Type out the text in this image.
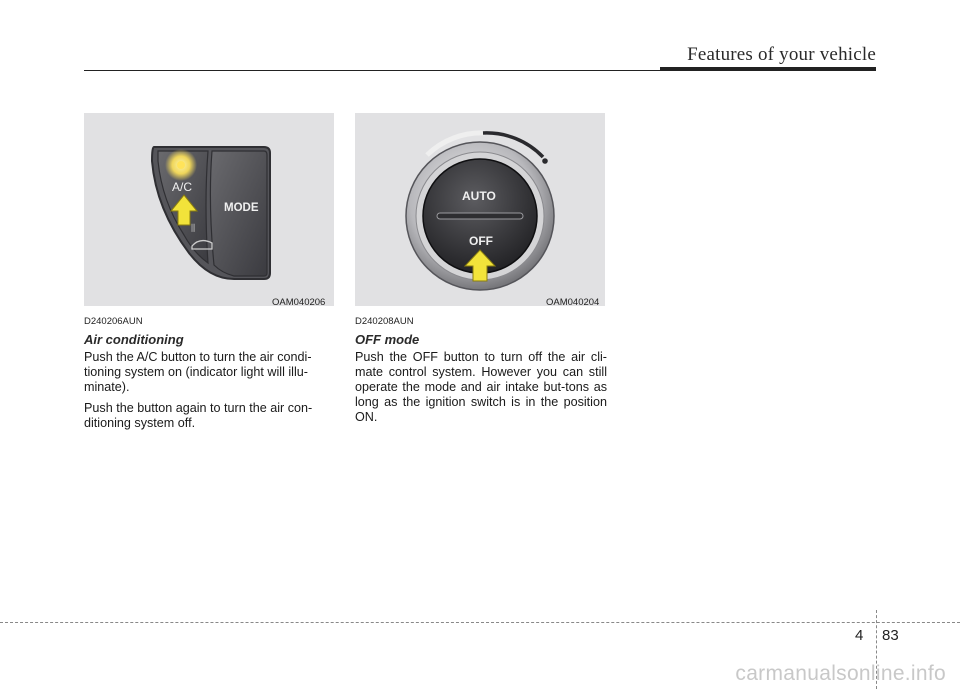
Features of your vehicle
A/C
MODE
⫼
OAM040206
AUTO
OFF
OAM040204

D240206AUN

Air conditioning

Push the A/C button to turn the air condi-tioning system on (indicator light will illu-minate).

Push the button again to turn the air con-ditioning system off.

D240208AUN

OFF mode

Push the OFF button to turn off the air cli-mate control system. However you can still operate the mode and air intake but-tons as long as the ignition switch is in the position ON.

4 83
carmanualsonline.info
